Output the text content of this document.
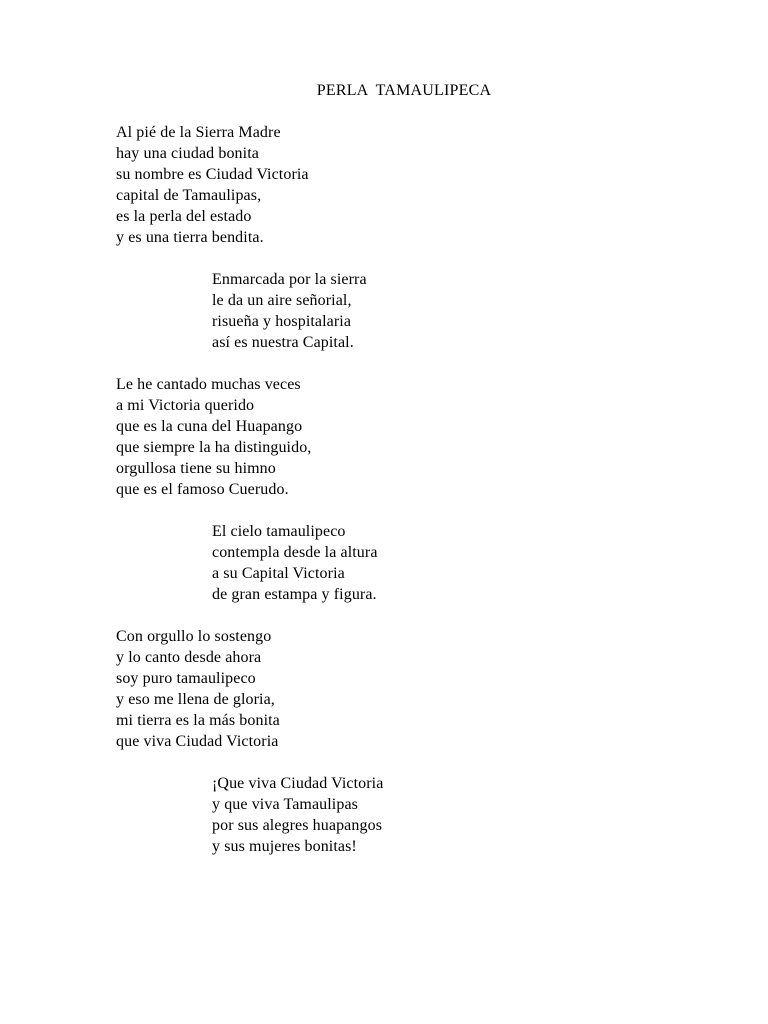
PERLA  TAMAULIPECA
Al pié de la Sierra Madre
hay una ciudad bonita
su nombre es Ciudad Victoria
capital de Tamaulipas,
es la perla del estado
y es una tierra bendita.
Enmarcada por la sierra
le da un aire señorial,
risueña y hospitalaria
así es nuestra Capital.
Le he cantado muchas veces
a mi Victoria querido
que es la cuna del Huapango
que siempre la ha distinguido,
orgullosa tiene su himno
que es el famoso Cuerudo.
El cielo tamaulipeco
contempla desde la altura
a su Capital Victoria
de gran estampa y figura.
Con orgullo lo sostengo
y lo canto desde ahora
soy puro tamaulipeco
y eso me llena de gloria,
mi tierra es la más bonita
que viva Ciudad Victoria
¡Que viva Ciudad Victoria
y que viva Tamaulipas
por sus alegres huapangos
y sus mujeres bonitas!
